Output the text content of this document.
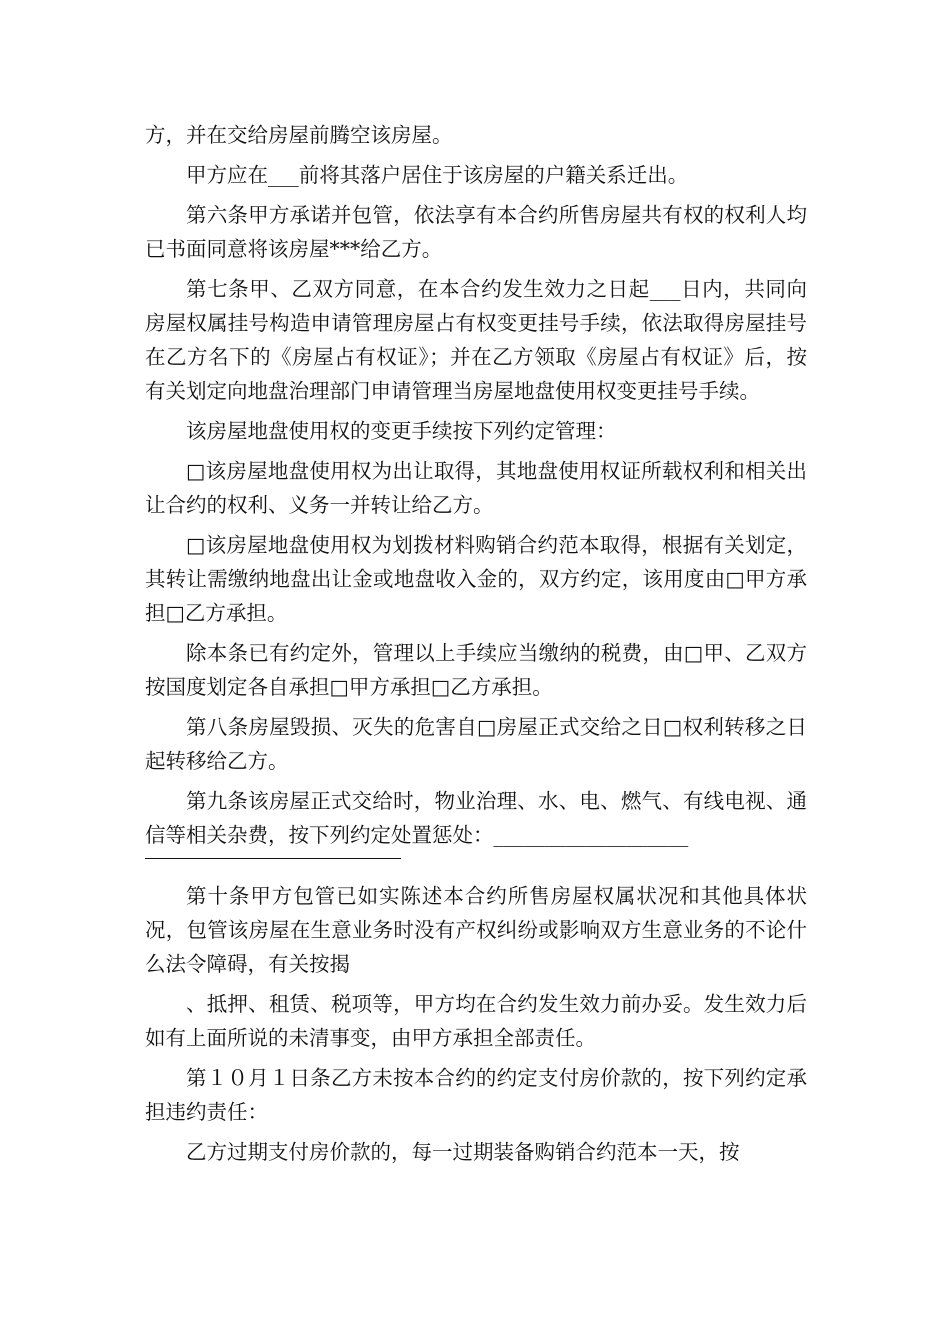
方，并在交给房屋前腾空该房屋。

甲方应在___前将其落户居住于该房屋的户籍关系迁出。

第六条甲方承诺并包管，依法享有本合约所售房屋共有权的权利人均已书面同意将该房屋***给乙方。

第七条甲、乙双方同意，在本合约发生效力之日起___日内，共同向房屋权属挂号构造申请管理房屋占有权变更挂号手续，依法取得房屋挂号在乙方名下的《房屋占有权证》；并在乙方领取《房屋占有权证》后，按有关划定向地盘治理部门申请管理当房屋地盘使用权变更挂号手续。

该房屋地盘使用权的变更手续按下列约定管理：

□该房屋地盘使用权为出让取得，其地盘使用权证所载权利和相关出让合约的权利、义务一并转让给乙方。

□该房屋地盘使用权为划拨材料购销合约范本取得，根据有关划定，其转让需缴纳地盘出让金或地盘收入金的，双方约定，该用度由□甲方承担□乙方承担。

除本条已有约定外，管理以上手续应当缴纳的税费，由□甲、乙双方按国度划定各自承担□甲方承担□乙方承担。

第八条房屋毁损、灭失的危害自□房屋正式交给之日□权利转移之日起转移给乙方。

第九条该房屋正式交给时，物业治理、水、电、燃气、有线电视、通信等相关杂费，按下列约定处置惩处：___________________

第十条甲方包管已如实陈述本合约所售房屋权属状况和其他具体状况，包管该房屋在生意业务时没有产权纠纷或影响双方生意业务的不论什么法令障碍，有关按揭

、抵押、租赁、税项等，甲方均在合约发生效力前办妥。发生效力后如有上面所说的未清事变，由甲方承担全部责任。

第１０月１日条乙方未按本合约的约定支付房价款的，按下列约定承担违约责任：

乙方过期支付房价款的，每一过期装备购销合约范本一天，按
